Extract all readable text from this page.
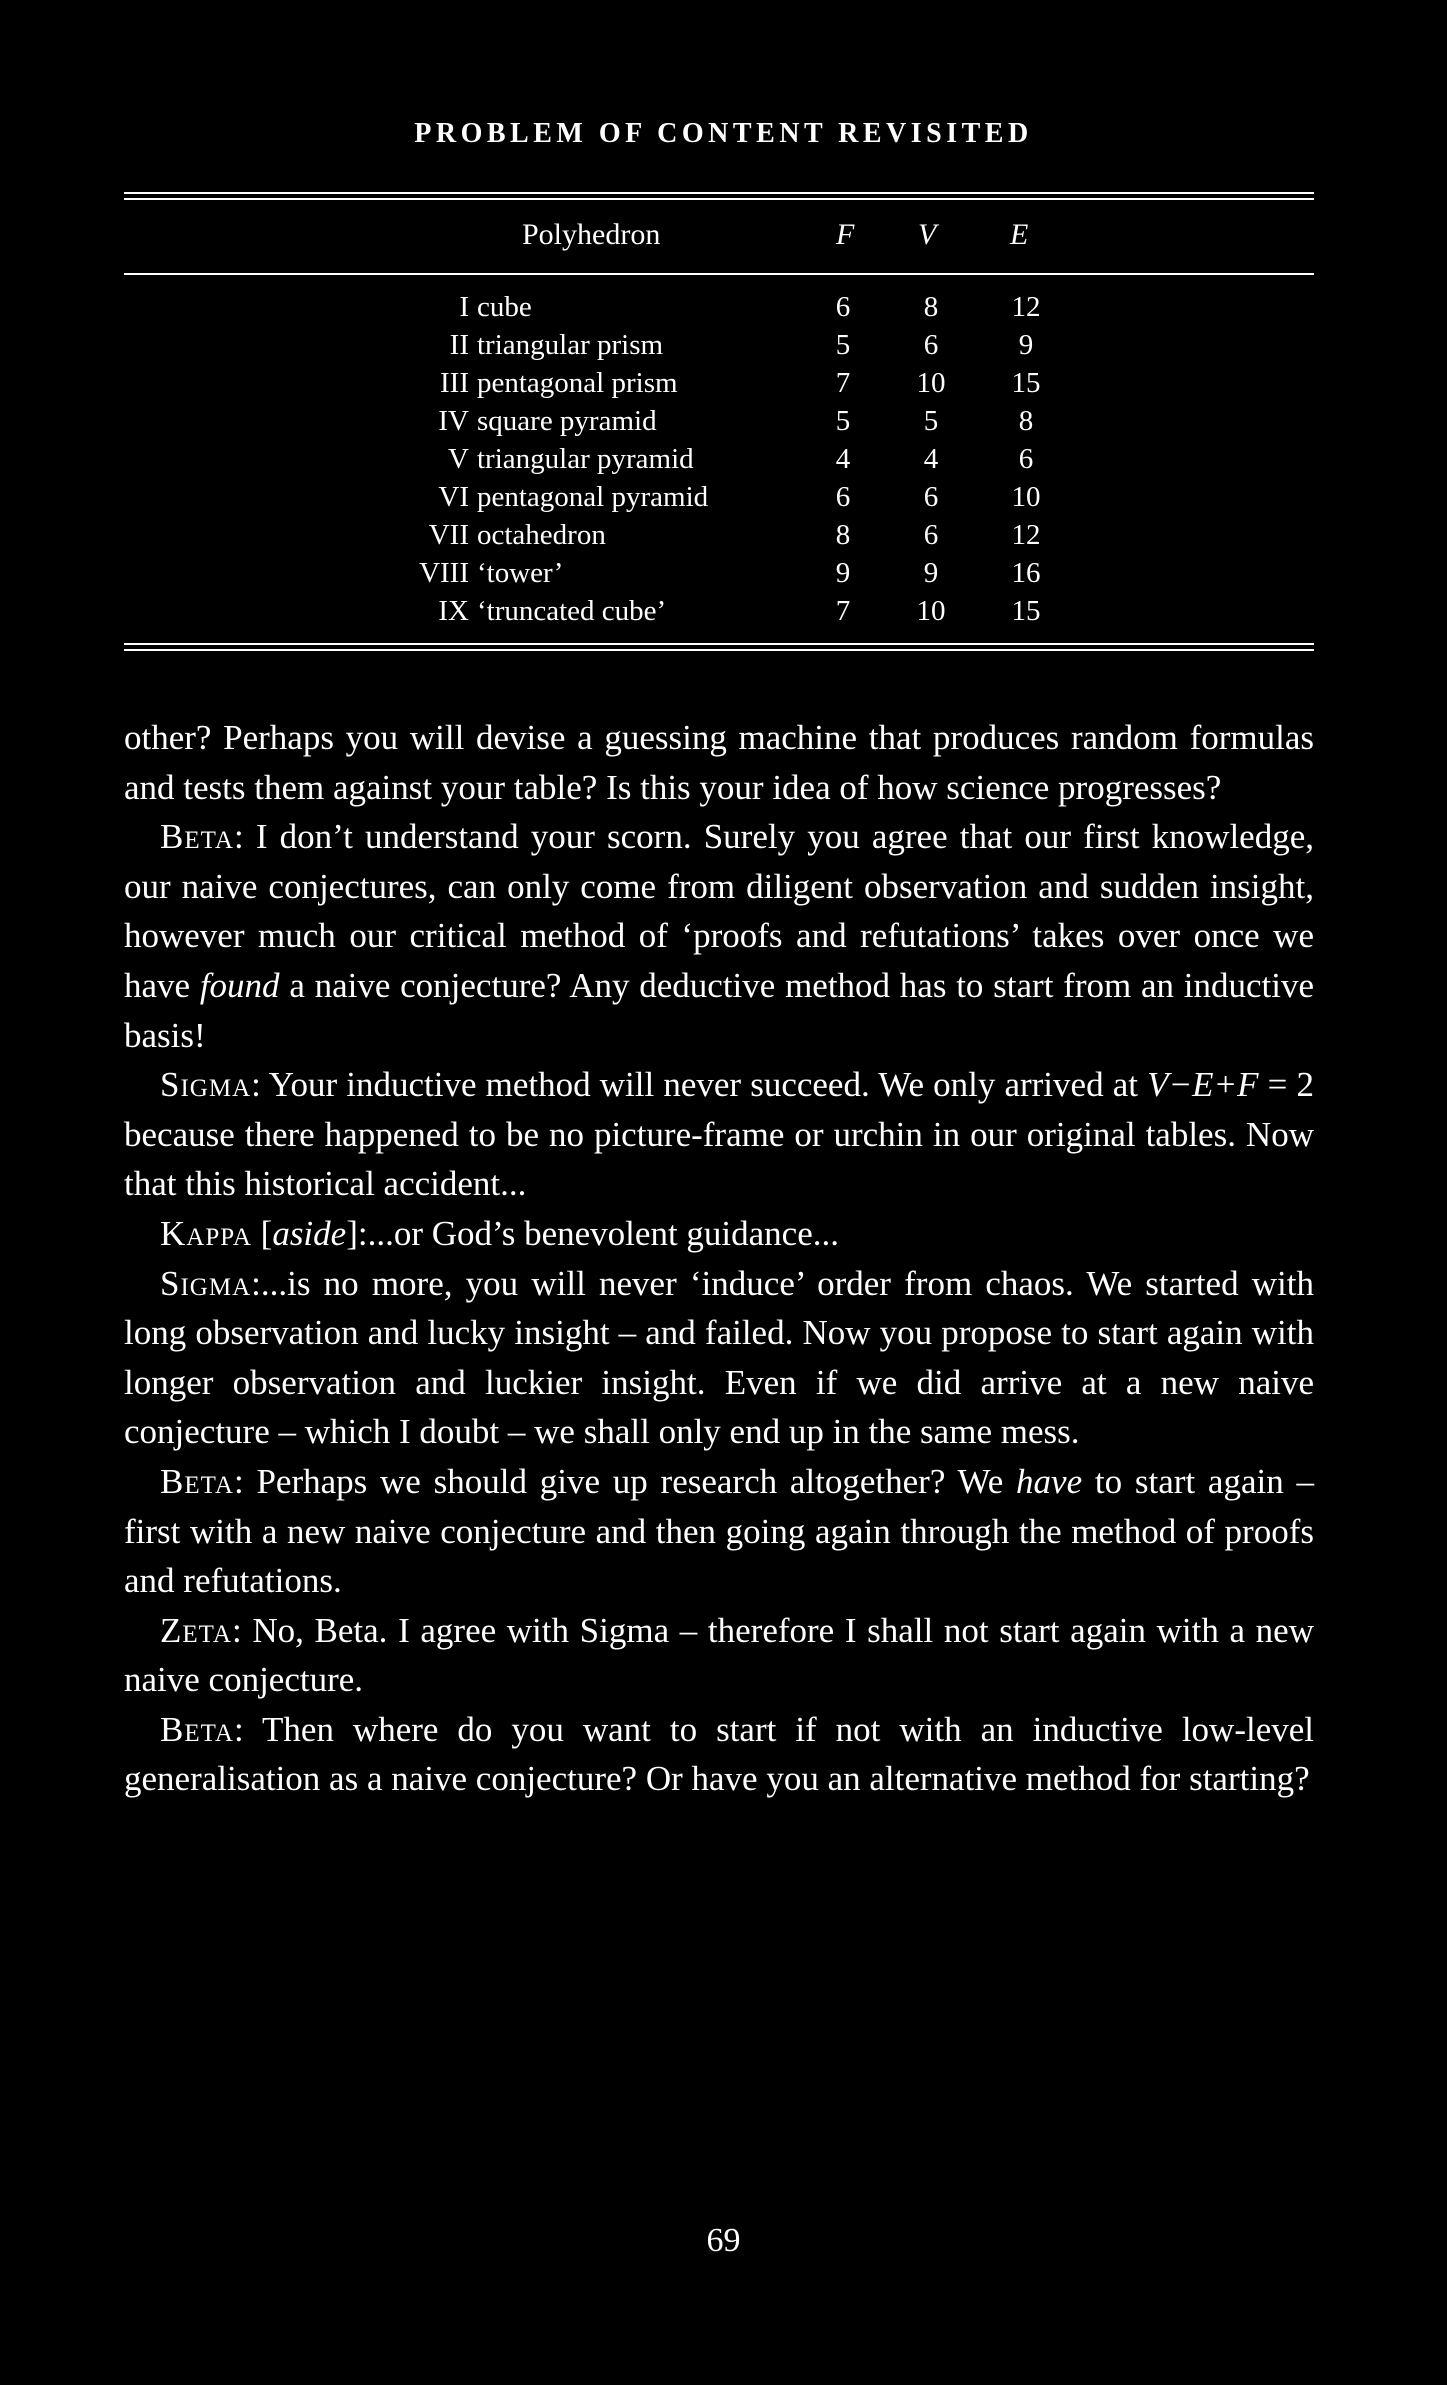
PROBLEM OF CONTENT REVISITED
Polyhedron	F V E
I cube	6	8	12
II triangular prism	5	6	9
III pentagonal prism	7	10	15
IV square pyramid	5	5	8
V triangular pyramid	4	4	6
VI pentagonal pyramid	6	6	10
VII octahedron	8	6	12
VIII ‘tower’	9	9	16
IX ‘truncated cube’	7	10	15

other? Perhaps you will devise a guessing machine that produces random formulas and tests them against your table? Is this your idea of how science progresses?

Beta: I don’t understand your scorn. Surely you agree that our first knowledge, our naive conjectures, can only come from diligent observation and sudden insight, however much our critical method of ‘proofs and refutations’ takes over once we have found a naive conjecture? Any deductive method has to start from an inductive basis!

Sigma: Your inductive method will never succeed. We only arrived at V−E+F = 2 because there happened to be no picture-frame or urchin in our original tables. Now that this historical accident...

Kappa [aside]:...or God’s benevolent guidance...

Sigma:...is no more, you will never ‘induce’ order from chaos. We started with long observation and lucky insight – and failed. Now you propose to start again with longer observation and luckier insight. Even if we did arrive at a new naive conjecture – which I doubt – we shall only end up in the same mess.

Beta: Perhaps we should give up research altogether? We have to start again – first with a new naive conjecture and then going again through the method of proofs and refutations.

Zeta: No, Beta. I agree with Sigma – therefore I shall not start again with a new naive conjecture.

Beta: Then where do you want to start if not with an inductive low-level generalisation as a naive conjecture? Or have you an alternative method for starting?

69
